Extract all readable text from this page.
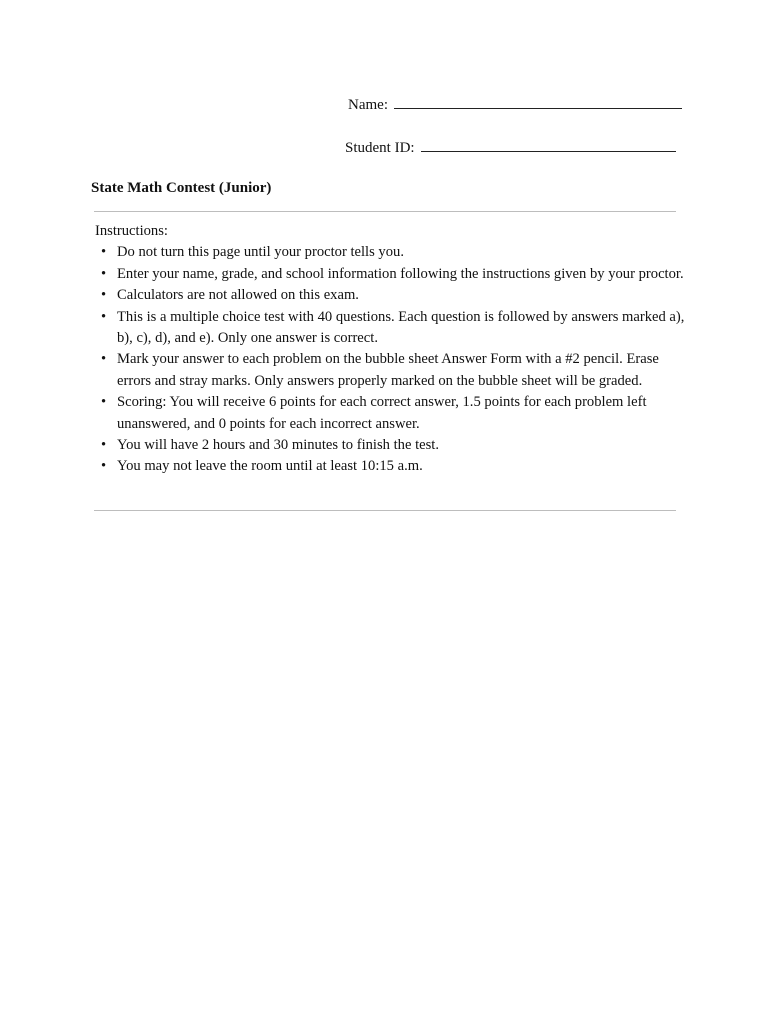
Name:
Student ID:
State Math Contest (Junior)

Instructions:

• Do not turn this page until your proctor tells you.
• Enter your name, grade, and school information following the instructions given by your proctor.
• Calculators are not allowed on this exam.
• This is a multiple choice test with 40 questions. Each question is followed by answers marked a), b), c), d), and e). Only one answer is correct.
• Mark your answer to each problem on the bubble sheet Answer Form with a #2 pencil. Erase errors and stray marks. Only answers properly marked on the bubble sheet will be graded.
• Scoring: You will receive 6 points for each correct answer, 1.5 points for each problem left unanswered, and 0 points for each incorrect answer.
• You will have 2 hours and 30 minutes to finish the test.
• You may not leave the room until at least 10:15 a.m.
